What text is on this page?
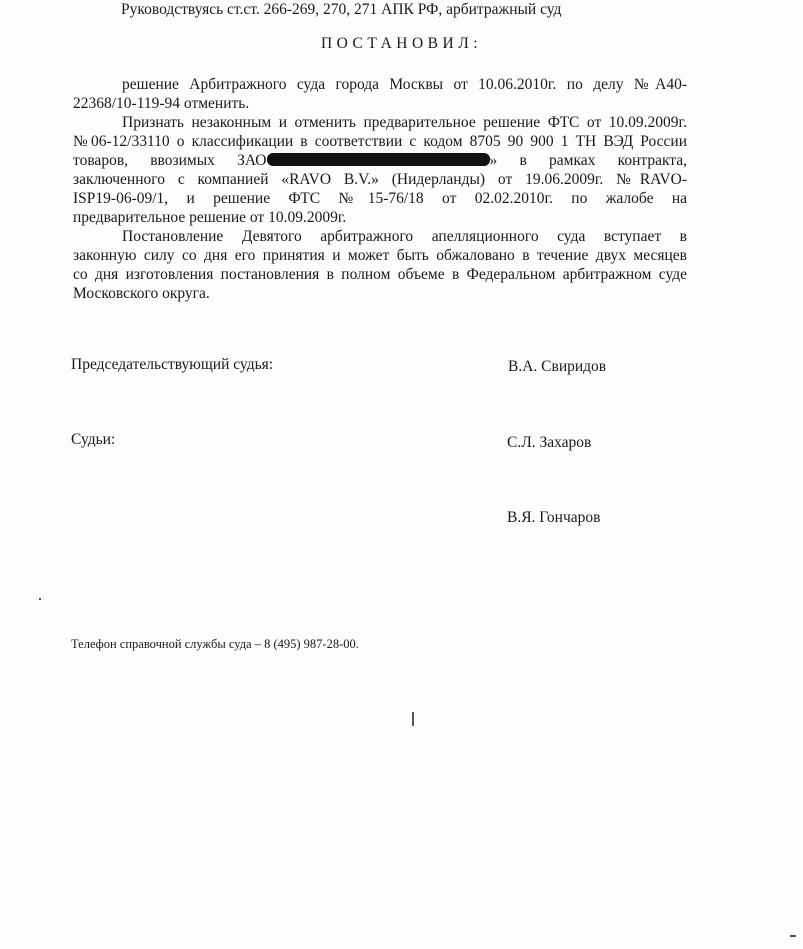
Руководствуясь ст.ст. 266-269, 270, 271 АПК РФ, арбитражный суд
ПОСТАНОВИЛ:
решение Арбитражного суда города Москвы от 10.06.2010г. по делу №А40-
22368/10-119-94 отменить.
Признать незаконным и отменить предварительное решение ФТС от 10.09.2009г.
№06-12/33110 о классификации в соответствии с кодом 8705 90 900 1 ТН ВЭД России
товаров, ввозимых ЗАО	» в рамках контракта,
заключенного с компанией «RAVO B.V.» (Нидерланды) от 19.06.2009г. №RAVO-
ISP19-06-09/1, и решение ФТС №15-76/18 от 02.02.2010г. по жалобе на
предварительное решение от 10.09.2009г.
Постановление Девятого арбитражного апелляционного суда вступает в
законную силу со дня его принятия и может быть обжаловано в течение двух месяцев
со дня изготовления постановления в полном объеме в Федеральном арбитражном суде
Московского округа.
Председательствующий судья:	В.А. Свиридов
Судьи:	С.Л. Захаров
В.Я. Гончаров
Телефон справочной службы суда – 8 (495) 987-28-00.
